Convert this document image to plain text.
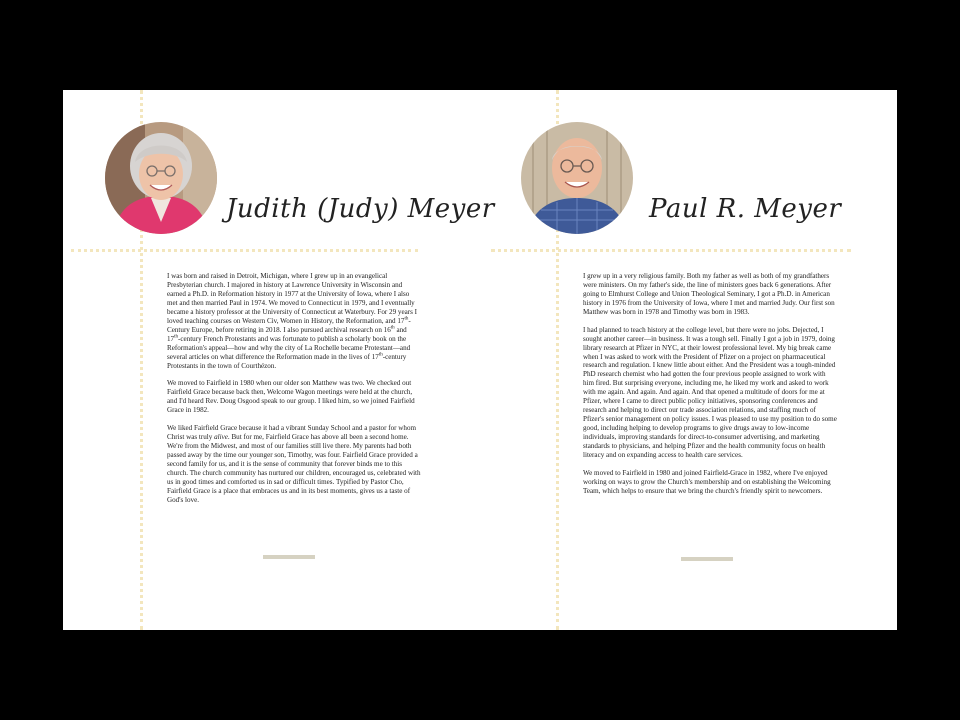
Judith (Judy) Meyer

I was born and raised in Detroit, Michigan, where I grew up in an evangelical Presbyterian church. I majored in history at Lawrence University in Wisconsin and earned a Ph.D. in Reformation history in 1977 at the University of Iowa, where I also met and then married Paul in 1974. We moved to Connecticut in 1979, and I eventually became a history professor at the University of Connecticut at Waterbury. For 29 years I loved teaching courses on Western Civ, Women in History, the Reformation, and 17th-Century Europe, before retiring in 2018. I also pursued archival research on 16th and 17th-century French Protestants and was fortunate to publish a scholarly book on the Reformation's appeal—how and why the city of La Rochelle became Protestant—and several articles on what difference the Reformation made in the lives of 17th-century Protestants in the town of Courthézon.

We moved to Fairfield in 1980 when our older son Matthew was two. We checked out Fairfield Grace because back then, Welcome Wagon meetings were held at the church, and I'd heard Rev. Doug Osgood speak to our group. I liked him, so we joined Fairfield Grace in 1982.

We liked Fairfield Grace because it had a vibrant Sunday School and a pastor for whom Christ was truly alive. But for me, Fairfield Grace has above all been a second home. We're from the Midwest, and most of our families still live there. My parents had both passed away by the time our younger son, Timothy, was four. Fairfield Grace provided a second family for us, and it is the sense of community that forever binds me to this church. The church community has nurtured our children, encouraged us, celebrated with us in good times and comforted us in sad or difficult times. Typified by Pastor Cho, Fairfield Grace is a place that embraces us and in its best moments, gives us a taste of God's love.

Paul R. Meyer

I grew up in a very religious family. Both my father as well as both of my grandfathers were ministers. On my father's side, the line of ministers goes back 6 generations. After going to Elmhurst College and Union Theological Seminary, I got a Ph.D. in American history in 1976 from the University of Iowa, where I met and married Judy. Our first son Matthew was born in 1978 and Timothy was born in 1983.

I had planned to teach history at the college level, but there were no jobs. Dejected, I sought another career—in business. It was a tough sell. Finally I got a job in 1979, doing library research at Pfizer in NYC, at their lowest professional level. My big break came when I was asked to work with the President of Pfizer on a project on pharmaceutical research and regulation. I knew little about either. And the President was a tough-minded PhD research chemist who had gotten the four previous people assigned to work with him fired. But surprising everyone, including me, he liked my work and asked to work with me again. And again. And again. And that opened a multitude of doors for me at Pfizer, where I came to direct public policy initiatives, sponsoring conferences and research and helping to direct our trade association relations, and staffing much of Pfizer's senior management on policy issues. I was pleased to use my position to do some good, including helping to develop programs to give drugs away to low-income individuals, improving standards for direct-to-consumer advertising, and marketing standards to physicians, and helping Pfizer and the health community focus on health literacy and on expanding access to health care services.

We moved to Fairfield in 1980 and joined Fairfield-Grace in 1982, where I've enjoyed working on ways to grow the Church's membership and on establishing the Welcoming Team, which helps to ensure that we bring the church's friendly spirit to newcomers.
